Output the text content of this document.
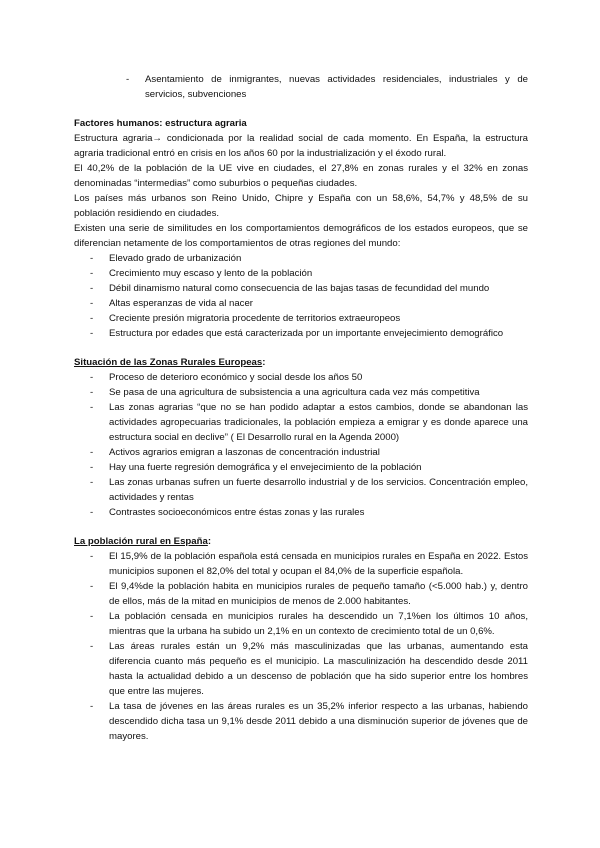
- Asentamiento de inmigrantes, nuevas actividades residenciales, industriales y de servicios, subvenciones

Factores humanos: estructura agraria

Estructura agraria→ condicionada por la realidad social de cada momento. En España, la estructura agraria tradicional entró en crisis en los años 60 por la industrialización y el éxodo rural.

El 40,2% de la población de la UE vive en ciudades, el 27,8% en zonas rurales y el 32% en zonas denominadas “intermedias” como suburbios o pequeñas ciudades.

Los países más urbanos son Reino Unido, Chipre y España con un 58,6%, 54,7% y 48,5% de su población residiendo en ciudades.

Existen una serie de similitudes en los comportamientos demográficos de los estados europeos, que se diferencian netamente de los comportamientos de otras regiones del mundo:

- Elevado grado de urbanización
- Crecimiento muy escaso y lento de la población
- Débil dinamismo natural como consecuencia de las bajas tasas de fecundidad del mundo
- Altas esperanzas de vida al nacer
- Creciente presión migratoria procedente de territorios extraeuropeos
- Estructura por edades que está caracterizada por un importante envejecimiento demográfico

Situación de las Zonas Rurales Europeas:

- Proceso de deterioro económico y social desde los años 50
- Se pasa de una agricultura de subsistencia a una agricultura cada vez más competitiva
- Las zonas agrarias “que no se han podido adaptar a estos cambios, donde se abandonan las actividades agropecuarias tradicionales, la población empieza a emigrar y es donde aparece una estructura social en declive” ( El Desarrollo rural en la Agenda 2000)
- Activos agrarios emigran a laszonas de concentración industrial
- Hay una fuerte regresión demográfica y el envejecimiento de la población
- Las zonas urbanas sufren un fuerte desarrollo industrial y de los servicios. Concentración empleo, actividades y rentas
- Contrastes socioeconómicos entre éstas zonas y las rurales

La población rural en España:

- El 15,9% de la población española está censada en municipios rurales en España en 2022. Estos municipios suponen el 82,0% del total y ocupan el 84,0% de la superficie española.
- El 9,4%de la población habita en municipios rurales de pequeño tamaño (<5.000 hab.) y, dentro de ellos, más de la mitad en municipios de menos de 2.000 habitantes.
- La población censada en municipios rurales ha descendido un 7,1%en los últimos 10 años, mientras que la urbana ha subido un 2,1% en un contexto de crecimiento total de un 0,6%.
- Las áreas rurales están un 9,2% más masculinizadas que las urbanas, aumentando esta diferencia cuanto más pequeño es el municipio. La masculinización ha descendido desde 2011 hasta la actualidad debido a un descenso de población que ha sido superior entre los hombres que entre las mujeres.
- La tasa de jóvenes en las áreas rurales es un 35,2% inferior respecto a las urbanas, habiendo descendido dicha tasa un 9,1% desde 2011 debido a una disminución superior de jóvenes que de mayores.
